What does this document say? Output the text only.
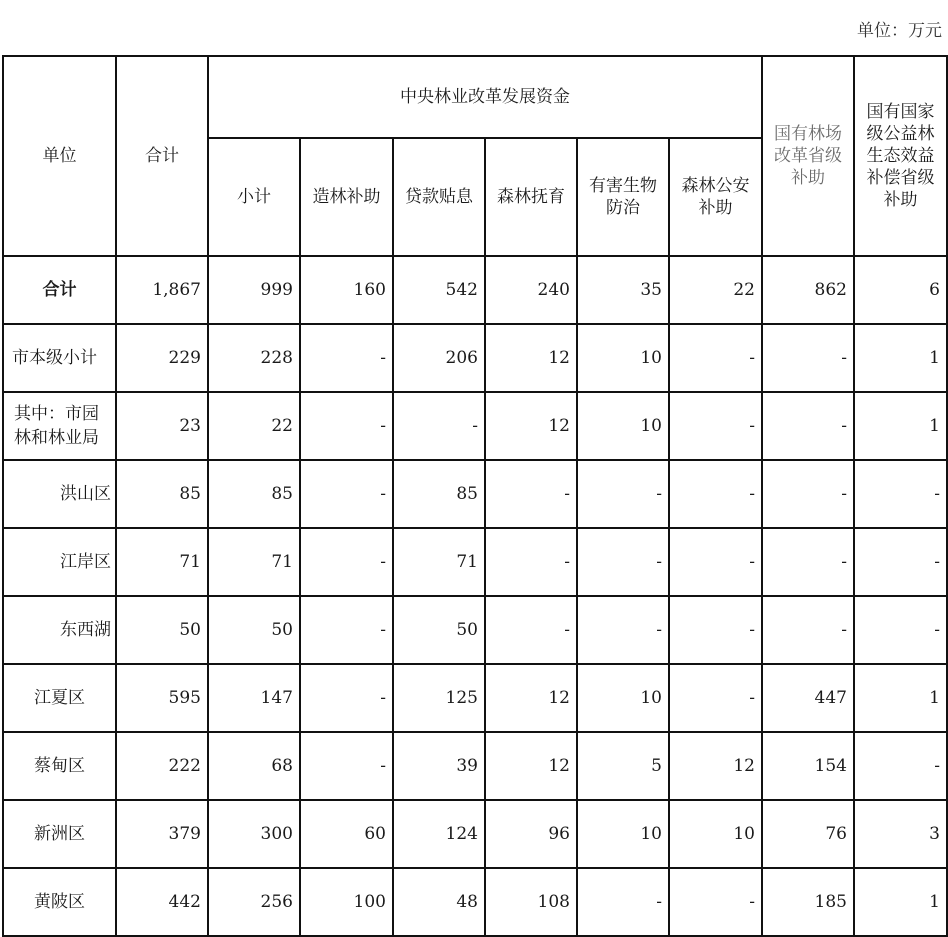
单位：万元
单位	合计	中央林业改革发展资金						国有林场改革省级补助	国有国家级公益林生态效益补偿省级补助
		小计	造林补助	贷款贴息	森林抚育	有害生物防治	森林公安补助		
合计	1,867	999	160	542	240	35	22	862	6
市本级小计	229	228	-	206	12	10	-	-	1
其中：市园林和林业局	23	22	-	-	12	10	-	-	1
洪山区	85	85	-	85	-	-	-	-	-
江岸区	71	71	-	71	-	-	-	-	-
东西湖	50	50	-	50	-	-	-	-	-
江夏区	595	147	-	125	12	10	-	447	1
蔡甸区	222	68	-	39	12	5	12	154	-
新洲区	379	300	60	124	96	10	10	76	3
黄陂区	442	256	100	48	108	-	-	185	1
